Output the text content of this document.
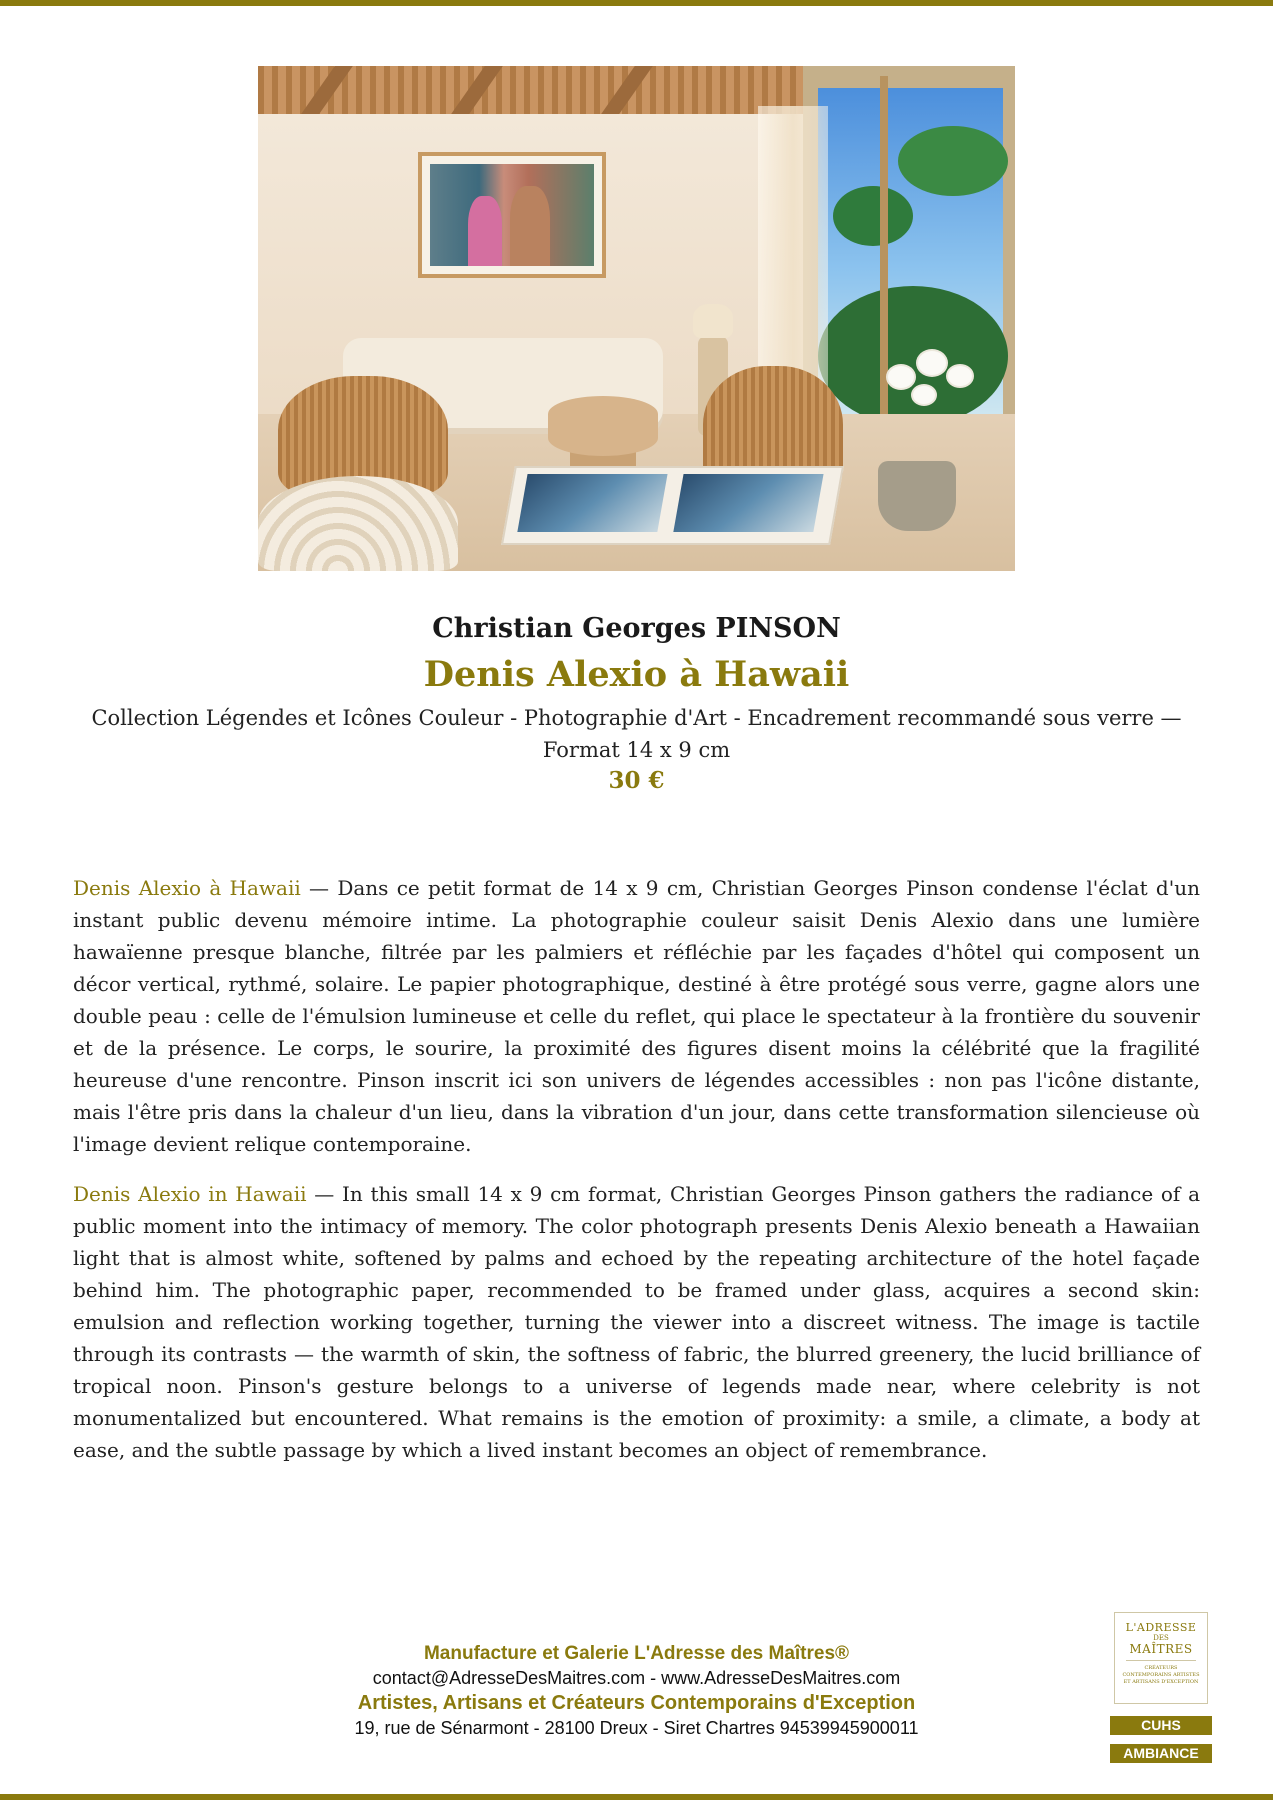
Christian Georges PINSON
Denis Alexio à Hawaii
Collection Légendes et Icônes Couleur - Photographie d'Art - Encadrement recommandé sous verre — Format 14 x 9 cm
30 €

Denis Alexio à Hawaii — Dans ce petit format de 14 x 9 cm, Christian Georges Pinson condense l'éclat d'un instant public devenu mémoire intime. La photographie couleur saisit Denis Alexio dans une lumière hawaïenne presque blanche, filtrée par les palmiers et réfléchie par les façades d'hôtel qui composent un décor vertical, rythmé, solaire. Le papier photographique, destiné à être protégé sous verre, gagne alors une double peau : celle de l'émulsion lumineuse et celle du reflet, qui place le spectateur à la frontière du souvenir et de la présence. Le corps, le sourire, la proximité des figures disent moins la célébrité que la fragilité heureuse d'une rencontre. Pinson inscrit ici son univers de légendes accessibles : non pas l'icône distante, mais l'être pris dans la chaleur d'un lieu, dans la vibration d'un jour, dans cette transformation silencieuse où l'image devient relique contemporaine.

Denis Alexio in Hawaii — In this small 14 x 9 cm format, Christian Georges Pinson gathers the radiance of a public moment into the intimacy of memory. The color photograph presents Denis Alexio beneath a Hawaiian light that is almost white, softened by palms and echoed by the repeating architecture of the hotel façade behind him. The photographic paper, recommended to be framed under glass, acquires a second skin: emulsion and reflection working together, turning the viewer into a discreet witness. The image is tactile through its contrasts — the warmth of skin, the softness of fabric, the blurred greenery, the lucid brilliance of tropical noon. Pinson's gesture belongs to a universe of legends made near, where celebrity is not monumentalized but encountered. What remains is the emotion of proximity: a smile, a climate, a body at ease, and the subtle passage by which a lived instant becomes an object of remembrance.

Manufacture et Galerie L'Adresse des Maîtres®
contact@AdresseDesMaitres.com - www.AdresseDesMaitres.com
Artistes, Artisans et Créateurs Contemporains d'Exception
19, rue de Sénarmont - 28100 Dreux - Siret Chartres 94539945900011
L'ADRESSE
DES
MAÎTRES
CRÉATEURS CONTEMPORAINS ARTISTES ET ARTISANS D'EXCEPTION
CUHS
AMBIANCE
